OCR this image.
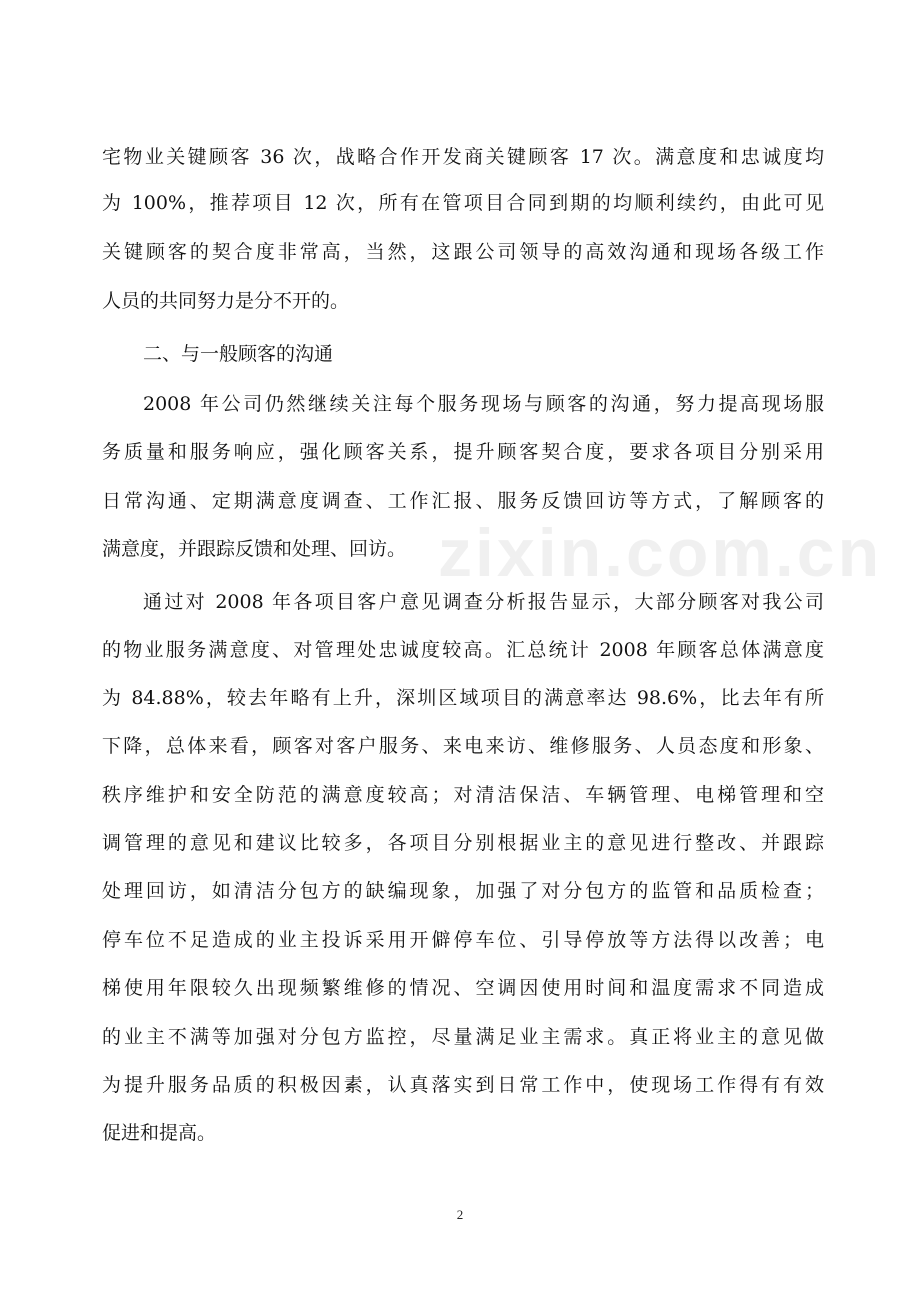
zixin.com.cn
宅物业关键顾客 36 次，战略合作开发商关键顾客 17 次。满意度和忠诚度均
为 100%，推荐项目 12 次，所有在管项目合同到期的均顺利续约，由此可见
关键顾客的契合度非常高，当然，这跟公司领导的高效沟通和现场各级工作
人员的共同努力是分不开的。
二、与一般顾客的沟通
2008 年公司仍然继续关注每个服务现场与顾客的沟通，努力提高现场服
务质量和服务响应，强化顾客关系，提升顾客契合度，要求各项目分别采用
日常沟通、定期满意度调查、工作汇报、服务反馈回访等方式，了解顾客的
满意度，并跟踪反馈和处理、回访。
通过对 2008 年各项目客户意见调查分析报告显示，大部分顾客对我公司
的物业服务满意度、对管理处忠诚度较高。汇总统计 2008 年顾客总体满意度
为 84.88%，较去年略有上升，深圳区域项目的满意率达 98.6%，比去年有所
下降，总体来看，顾客对客户服务、来电来访、维修服务、人员态度和形象、
秩序维护和安全防范的满意度较高；对清洁保洁、车辆管理、电梯管理和空
调管理的意见和建议比较多，各项目分别根据业主的意见进行整改、并跟踪
处理回访，如清洁分包方的缺编现象，加强了对分包方的监管和品质检查；
停车位不足造成的业主投诉采用开僻停车位、引导停放等方法得以改善；电
梯使用年限较久出现频繁维修的情况、空调因使用时间和温度需求不同造成
的业主不满等加强对分包方监控，尽量满足业主需求。真正将业主的意见做
为提升服务品质的积极因素，认真落实到日常工作中，使现场工作得有有效
促进和提高。
2
